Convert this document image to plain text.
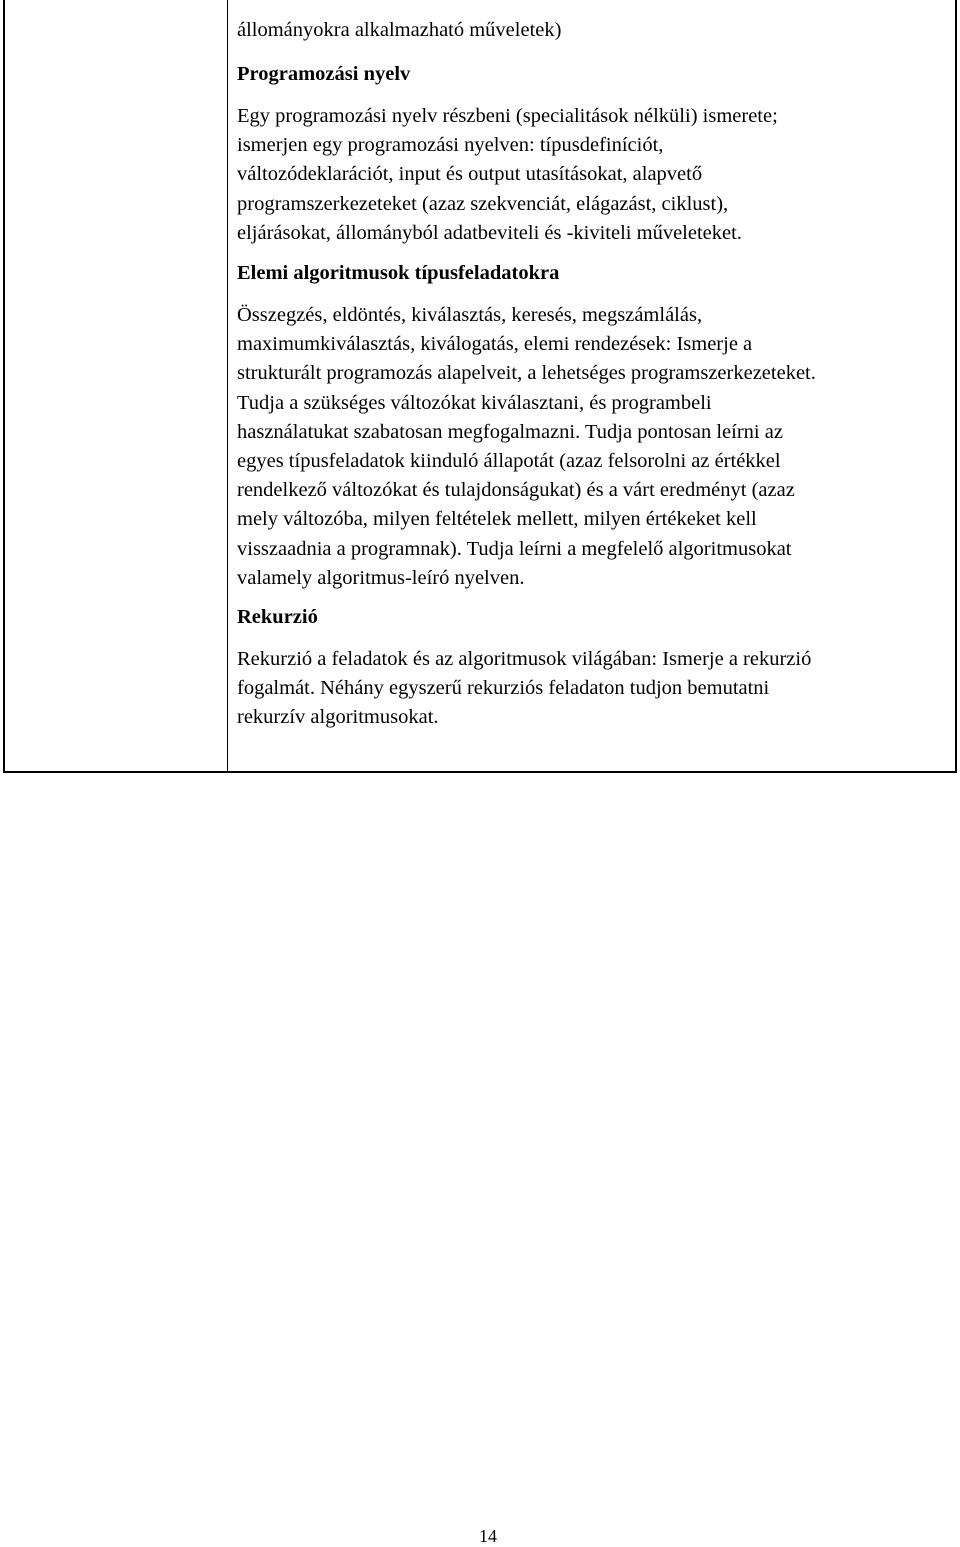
állományokra alkalmazható műveletek)

Programozási nyelv

Egy programozási nyelv részbeni (specialitások nélküli) ismerete;

ismerjen egy programozási nyelven: típusdefiníciót,

változódeklarációt, input és output utasításokat, alapvető

programszerkezeteket (azaz szekvenciát, elágazást, ciklust),

eljárásokat, állományból adatbeviteli és -kiviteli műveleteket.

Elemi algoritmusok típusfeladatokra

Összegzés, eldöntés, kiválasztás, keresés, megszámlálás,

maximumkiválasztás, kiválogatás, elemi rendezések: Ismerje a

strukturált programozás alapelveit, a lehetséges programszerkezeteket.

Tudja a szükséges változókat kiválasztani, és programbeli

használatukat szabatosan megfogalmazni. Tudja pontosan leírni az

egyes típusfeladatok kiinduló állapotát (azaz felsorolni az értékkel

rendelkező változókat és tulajdonságukat) és a várt eredményt (azaz

mely változóba, milyen feltételek mellett, milyen értékeket kell

visszaadnia a programnak). Tudja leírni a megfelelő algoritmusokat

valamely algoritmus-leíró nyelven.

Rekurzió

Rekurzió a feladatok és az algoritmusok világában: Ismerje a rekurzió

fogalmát. Néhány egyszerű rekurziós feladaton tudjon bemutatni

rekurzív algoritmusokat.

14
